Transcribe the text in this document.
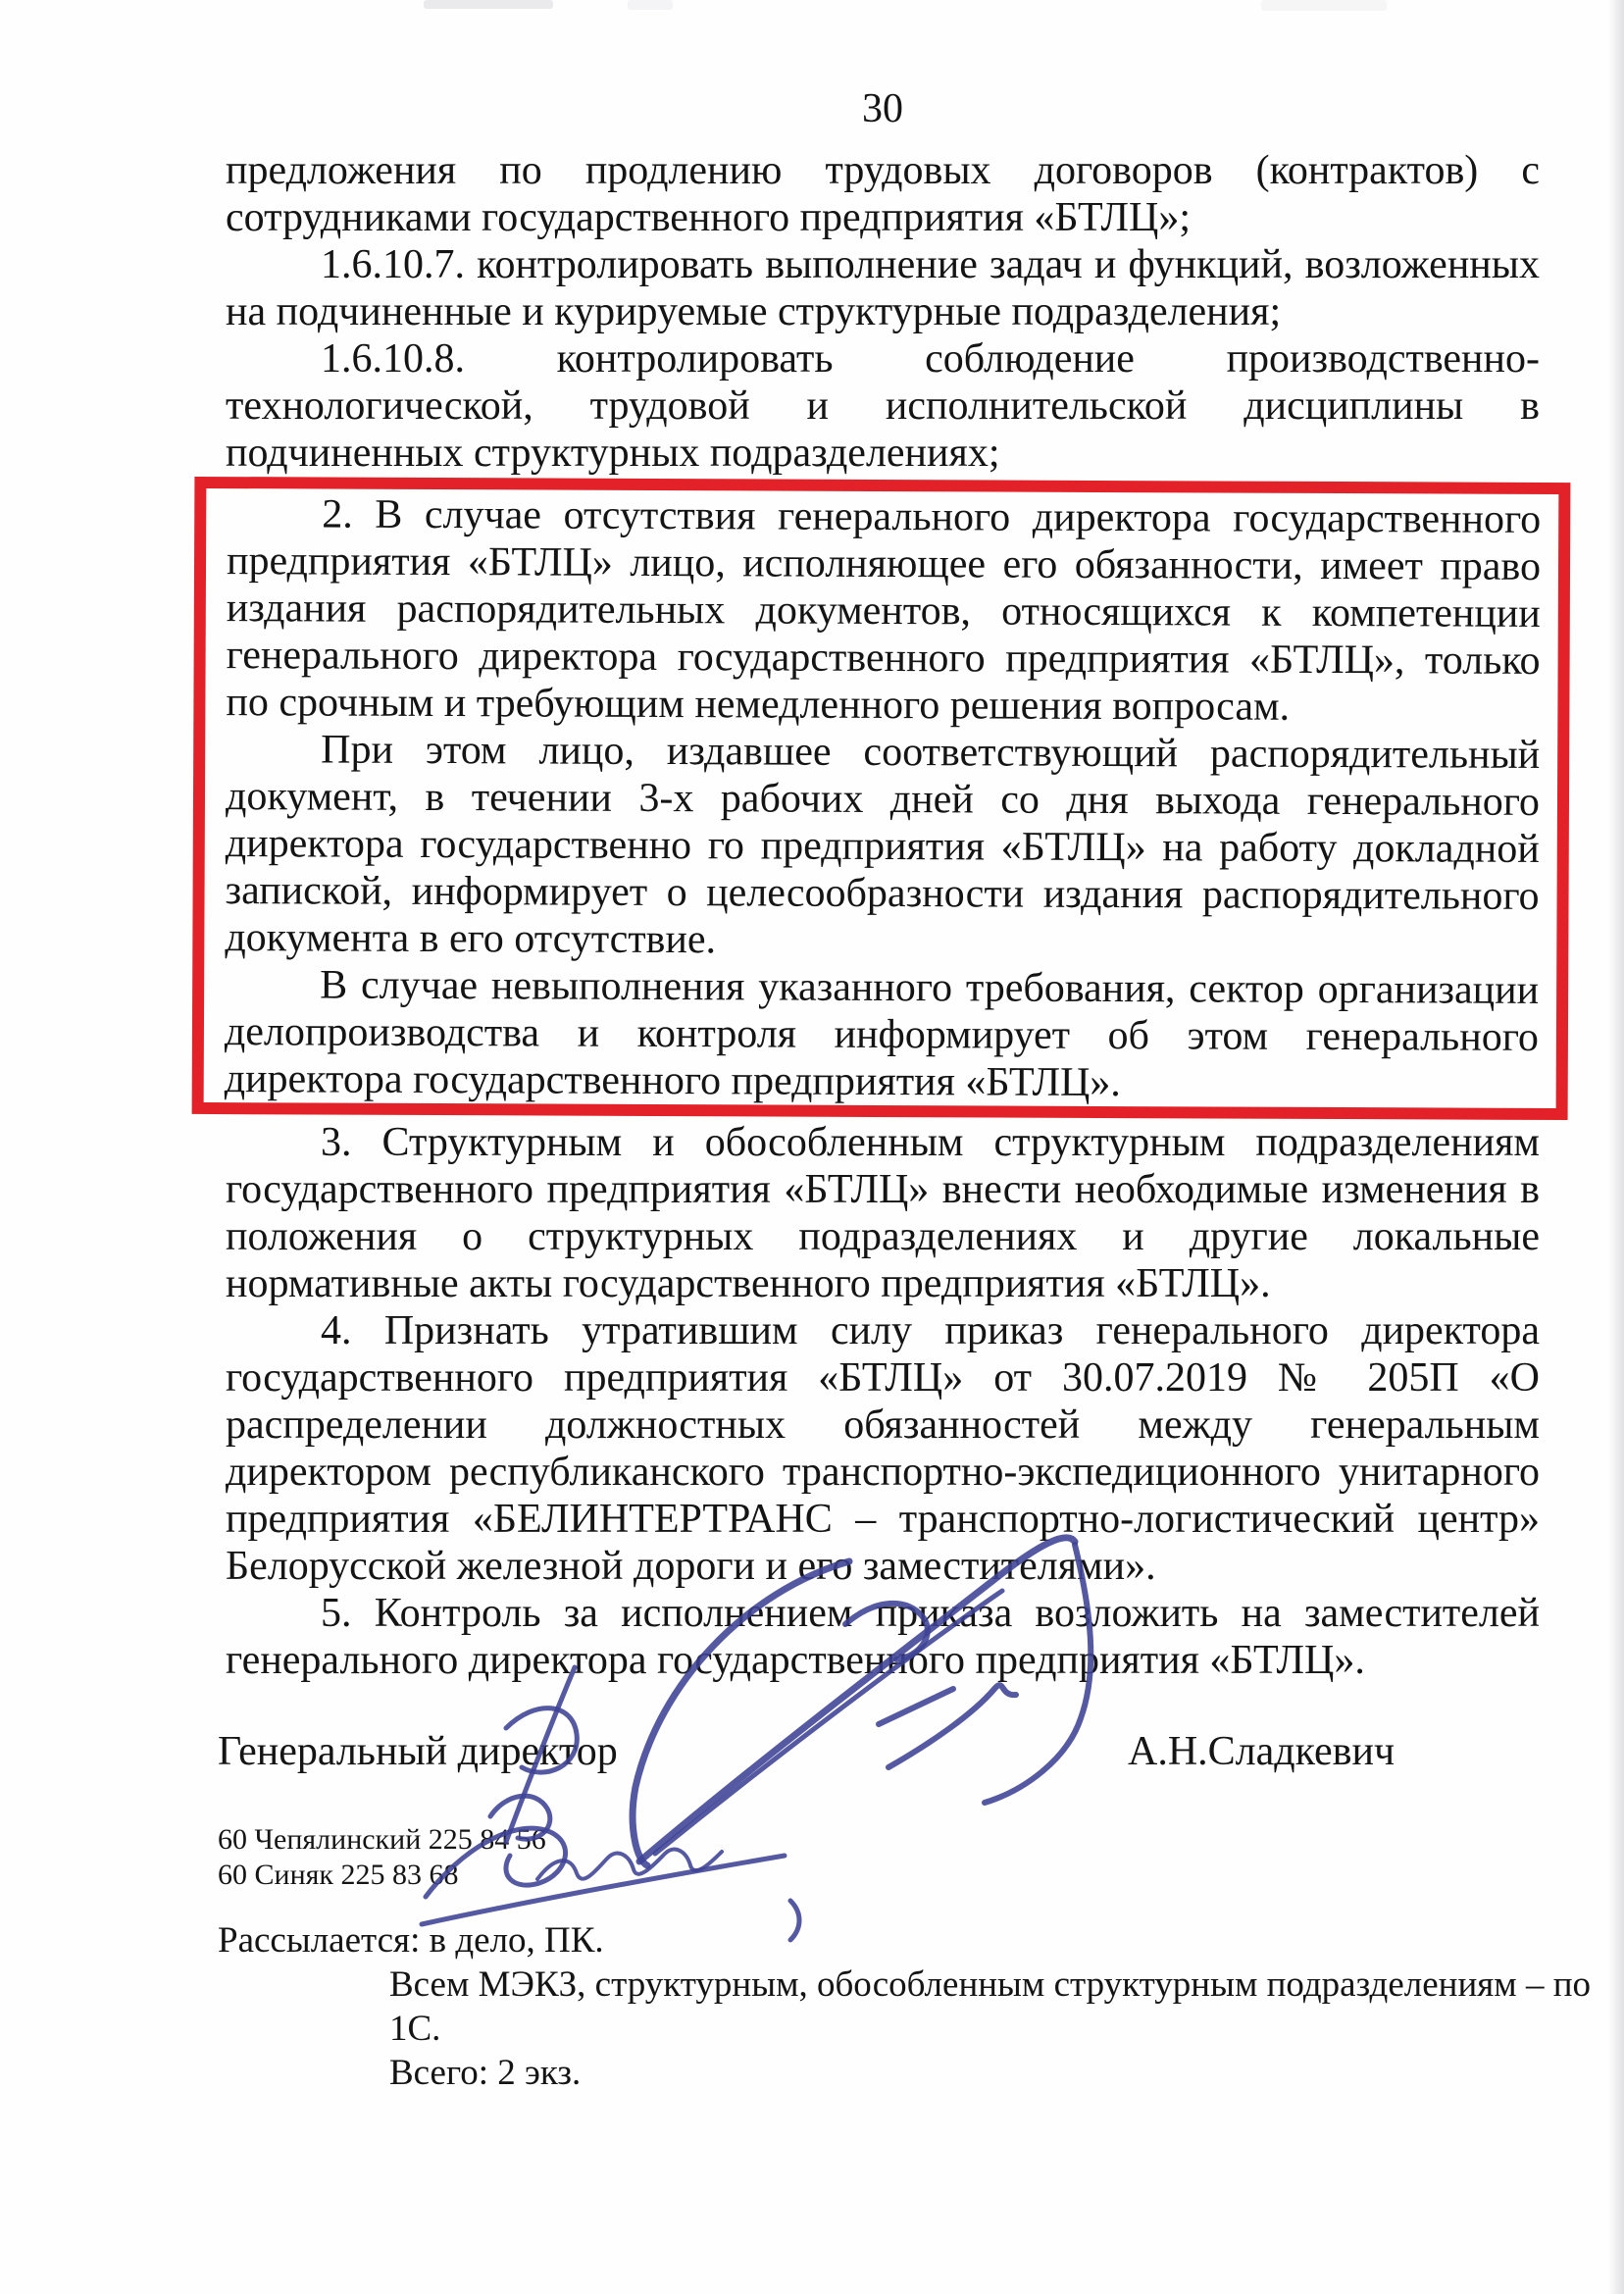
30

предложения по продлению трудовых договоров (контрактов) с сотрудниками государственного предприятия «БТЛЦ»;

1.6.10.7. контролировать выполнение задач и функций, возложенных на подчиненные и курируемые структурные подразделения;

1.6.10.8. контролировать соблюдение производственно-технологической, трудовой и исполнительской дисциплины в подчиненных структурных подразделениях;

2. В случае отсутствия генерального директора государственного предприятия «БТЛЦ» лицо, исполняющее его обязанности, имеет право издания распорядительных документов, относящихся к компетенции генерального директора государственного предприятия «БТЛЦ», только по срочным и требующим немедленного решения вопросам.

При этом лицо, издавшее соответствующий распорядительный документ, в течении 3-х рабочих дней со дня выхода генерального директора государственно го предприятия «БТЛЦ» на работу докладной запиской, информирует о целесообразности издания распорядительного документа в его отсутствие.

В случае невыполнения указанного требования, сектор организации делопроизводства и контроля информирует об этом генерального директора государственного предприятия «БТЛЦ».

3. Структурным и обособленным структурным подразделениям государственного предприятия «БТЛЦ» внести необходимые изменения в положения о структурных подразделениях и другие локальные нормативные акты государственного предприятия «БТЛЦ».

4. Признать утратившим силу приказ генерального директора государственного предприятия «БТЛЦ» от 30.07.2019 № 205П «О распределении должностных обязанностей между генеральным директором республиканского транспортно-экспедиционного унитарного предприятия «БЕЛИНТЕРТРАНС – транспортно-логистический центр» Белорусской железной дороги и его заместителями».

5. Контроль за исполнением приказа возложить на заместителей генерального директора государственного предприятия «БТЛЦ».

Генеральный директор	А.Н.Сладкевич
60 Чепялинский 225 84 56
60 Синяк 225 83 68
Рассылается: в дело, ПК.
Всем МЭКЗ, структурным, обособленным структурным подразделениям – по 1С.
Всего: 2 экз.
